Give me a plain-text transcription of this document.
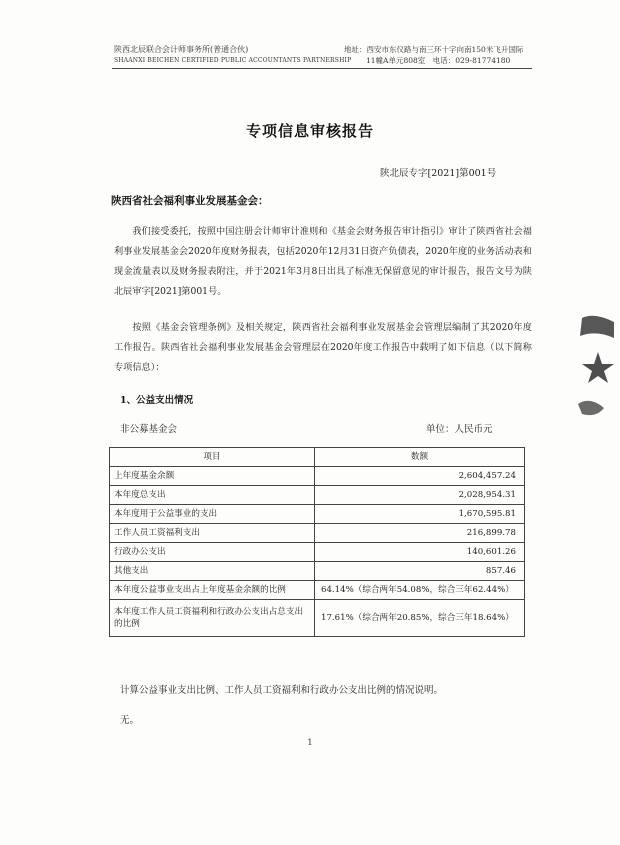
陕西北辰联合会计师事务所(普通合伙)
SHAANXI BEICHEN CERTIFIED PUBLIC ACCOUNTANTS PARTNERSHIP
地址：西安市东仪路与南三环十字向南150米飞升国际
11幢A单元808室　电话：029-81774180
专项信息审核报告
陕北辰专字[2021]第001号
陕西省社会福利事业发展基金会：
我们接受委托，按照中国注册会计师审计准则和《基金会财务报告审计指引》审计了陕西省社会福利事业发展基金会2020年度财务报表，包括2020年12月31日资产负债表，2020年度的业务活动表和现金流量表以及财务报表附注，并于2021年3月8日出具了标准无保留意见的审计报告，报告文号为陕北辰审字[2021]第001号。
按照《基金会管理条例》及相关规定，陕西省社会福利事业发展基金会管理层编制了其2020年度工作报告。陕西省社会福利事业发展基金会管理层在2020年度工作报告中载明了如下信息（以下简称专项信息）：
1、公益支出情况
非公募基金会	单位：人民币元
项目	数额
上年度基金余额	2,604,457.24
本年度总支出	2,028,954.31
本年度用于公益事业的支出	1,670,595.81
工作人员工资福利支出	216,899.78
行政办公支出	140,601.26
其他支出	857.46
本年度公益事业支出占上年度基金余额的比例	64.14%（综合两年54.08%，综合三年62.44%）
本年度工作人员工资福利和行政办公支出占总支出的比例	17.61%（综合两年20.85%，综合三年18.64%）
计算公益事业支出比例、工作人员工资福利和行政办公支出比例的情况说明。
无。
1
